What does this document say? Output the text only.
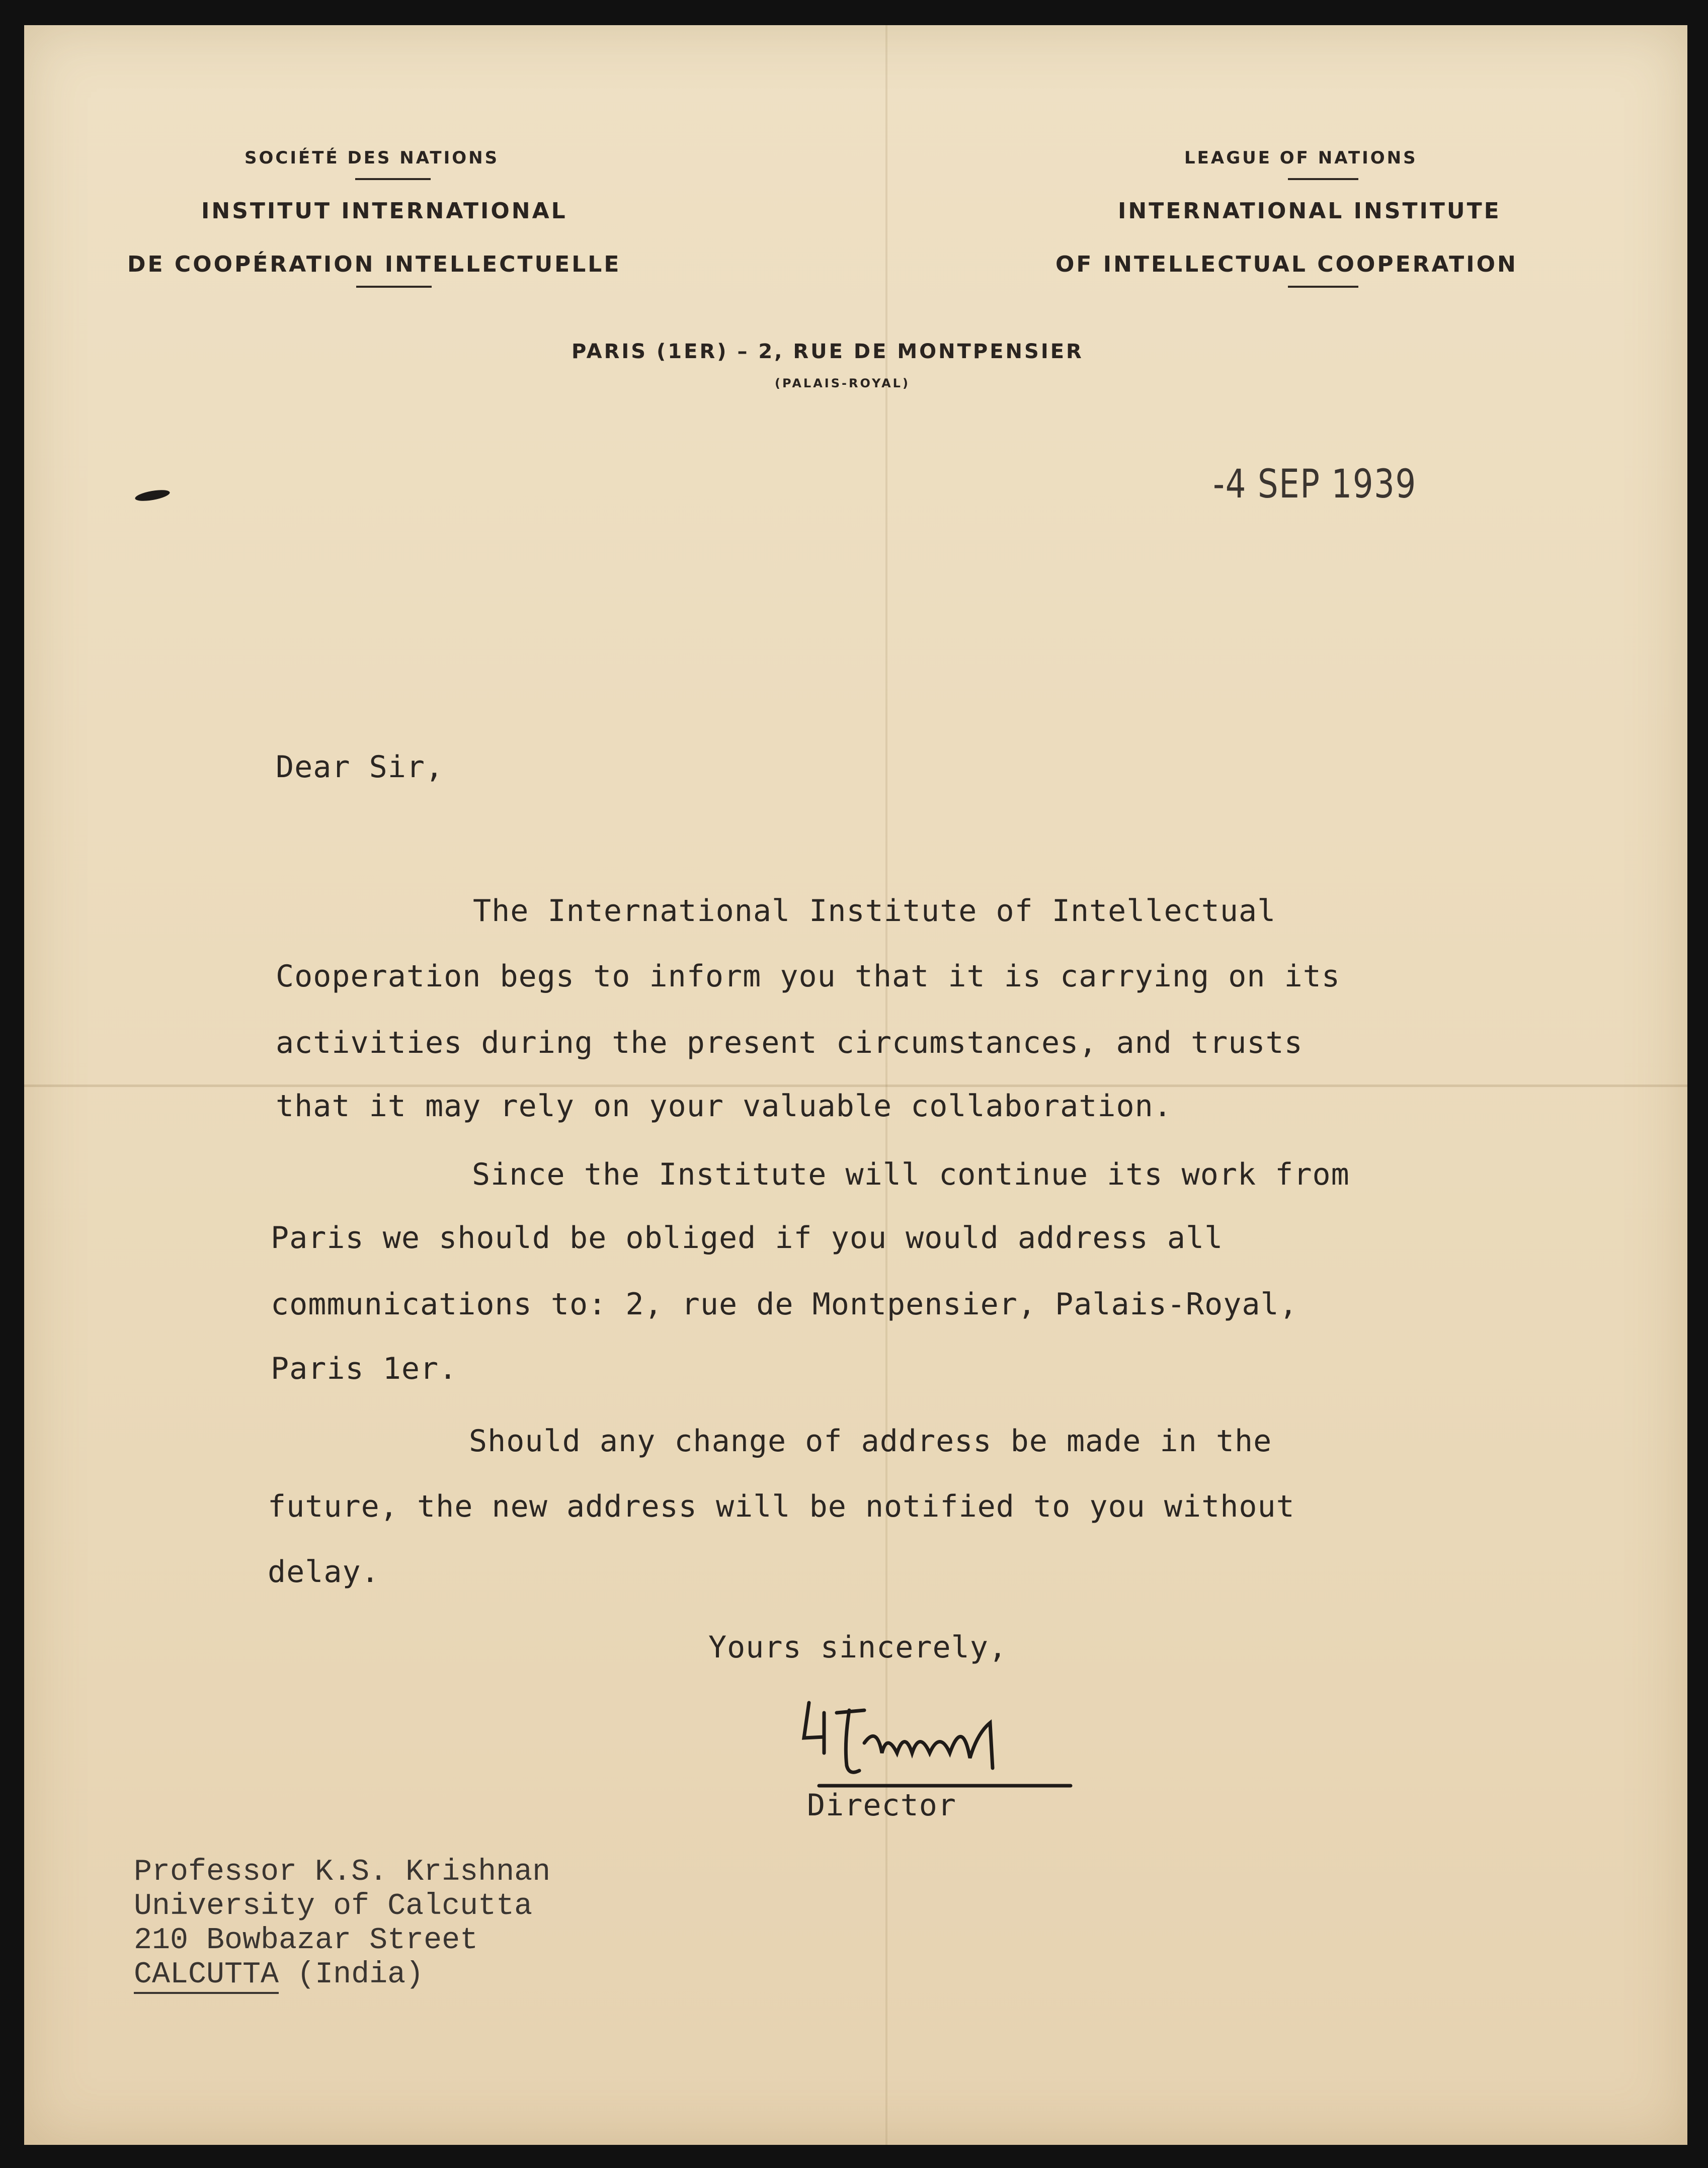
SOCIÉTÉ DES NATIONS
INSTITUT INTERNATIONAL
DE COOPÉRATION INTELLECTUELLE
LEAGUE OF NATIONS
INTERNATIONAL INSTITUTE
OF INTELLECTUAL COOPERATION
PARIS (1ER) – 2, RUE DE MONTPENSIER
(PALAIS-ROYAL)
-4 SEP 1939
Dear Sir,
The International Institute of Intellectual
Cooperation begs to inform you that it is carrying on its
activities during the present circumstances, and trusts
that it may rely on your valuable collaboration.
Since the Institute will continue its work from
Paris we should be obliged if you would address all
communications to: 2, rue de Montpensier, Palais-Royal,
Paris 1er.
Should any change of address be made in the
future, the new address will be notified to you without
delay.
Yours sincerely,
Director
Professor K.S. Krishnan
University of Calcutta
210 Bowbazar Street
CALCUTTA (India)
